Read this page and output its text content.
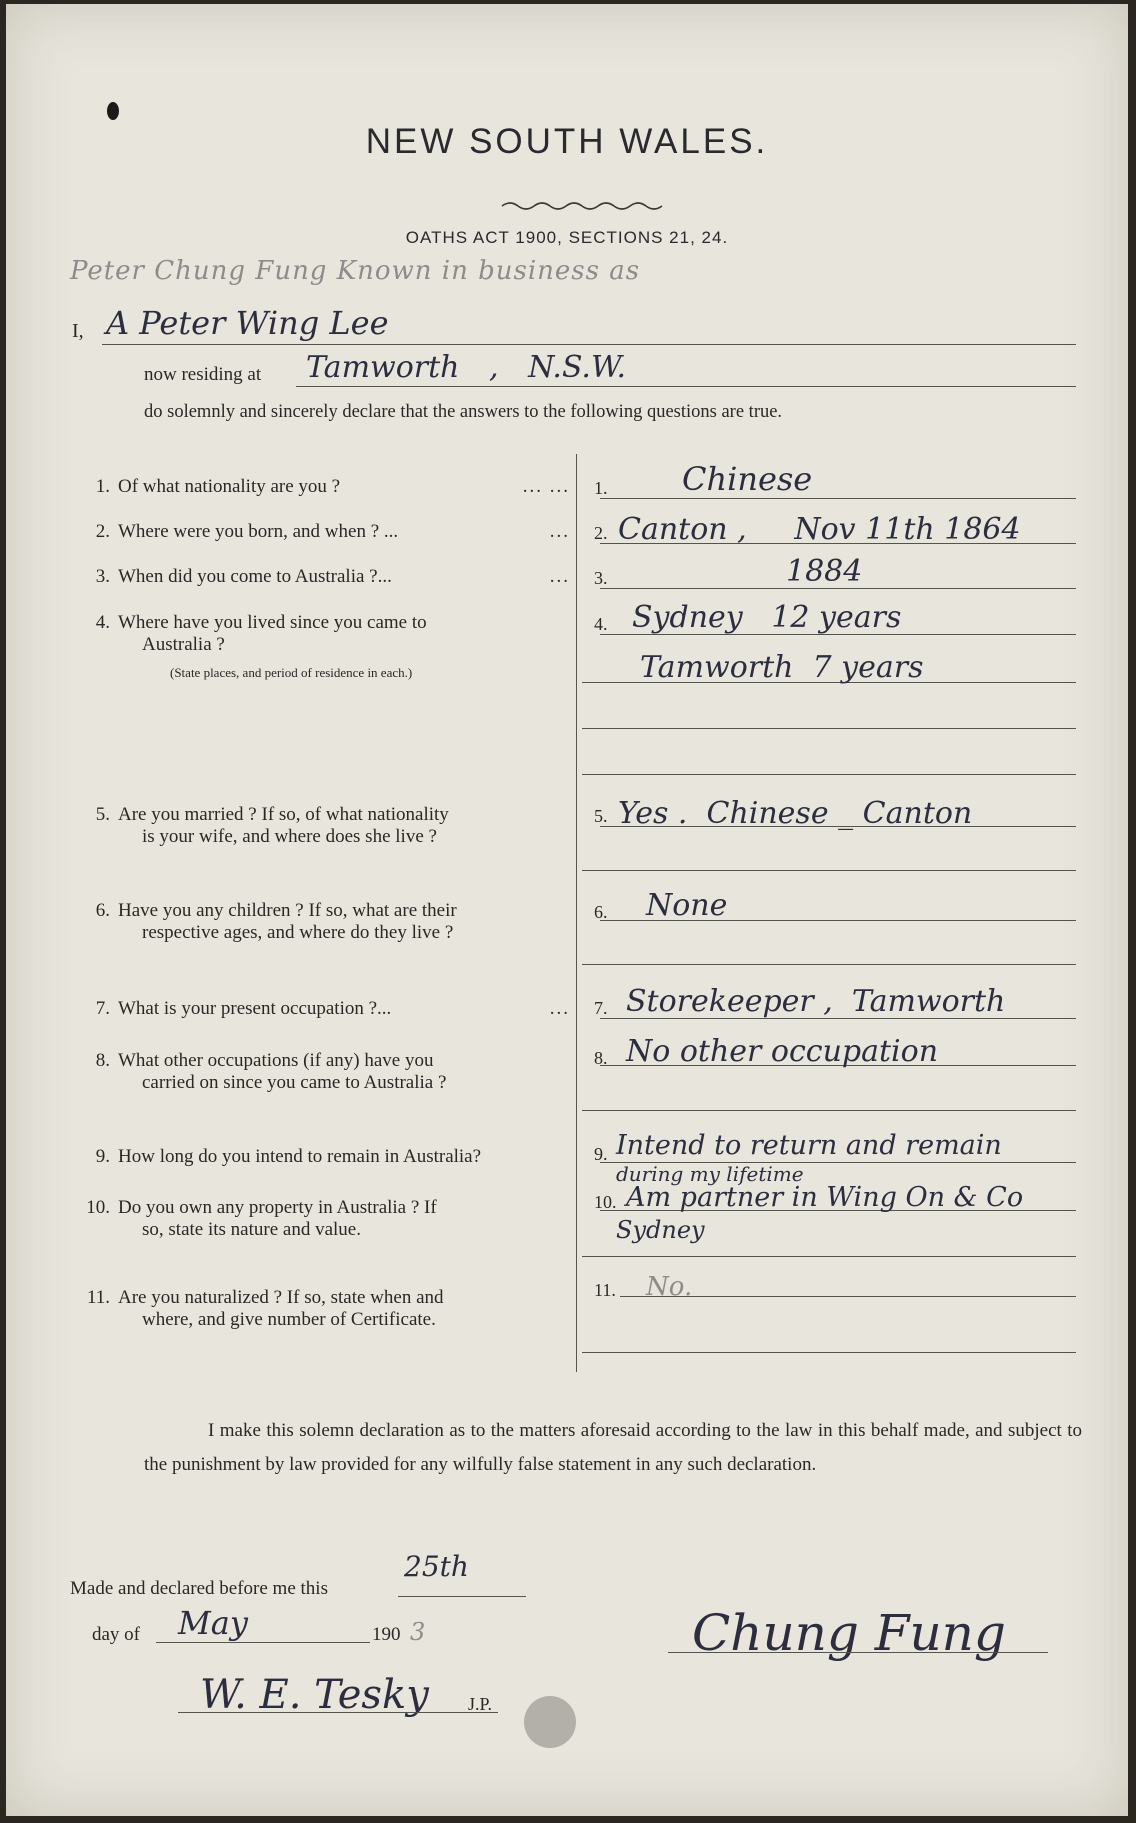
NEW SOUTH WALES.
OATHS ACT 1900, SECTIONS 21, 24.
Peter Chung Fung Known in business as
I, A Peter Wing Lee
now residing at Tamworth , N.S.W.
do solemnly and sincerely declare that the answers to the following questions are true.
... ...
1. Of what nationality are you ?
...
2. Where were you born, and when ? ...
...
3. When did you come to Australia ?...
4. Where have you lived since you came to
Australia ?
(State places, and period of residence in each.)
5. Are you married ? If so, of what nationality
is your wife, and where does she live ?
6. Have you any children ? If so, what are their
respective ages, and where do they live ?
...
7. What is your present occupation ?...
8. What other occupations (if any) have you
carried on since you came to Australia ?
9. How long do you intend to remain in Australia?
10. Do you own any property in Australia ? If
so, state its nature and value.
11. Are you naturalized ? If so, state when and
where, and give number of Certificate.
1.
2.
3.
4.
5.
6.
7.
8.
9.
10.
11.
Chinese
Canton ,     Nov 11th 1864
1884
Sydney   12 years
Tamworth  7 years
Yes .  Chinese _ Canton
None
Storekeeper ,  Tamworth
No other occupation
Intend to return and remain
during my lifetime
Am partner in Wing On & Co
Sydney
No.
I make this solemn declaration as to the matters aforesaid according to the law in this behalf made, and subject to the punishment by law provided for any wilfully false statement in any such declaration.
Made and declared before me this
25th
day of May	190 3
W. E. Tesky J.P.
Chung Fung
